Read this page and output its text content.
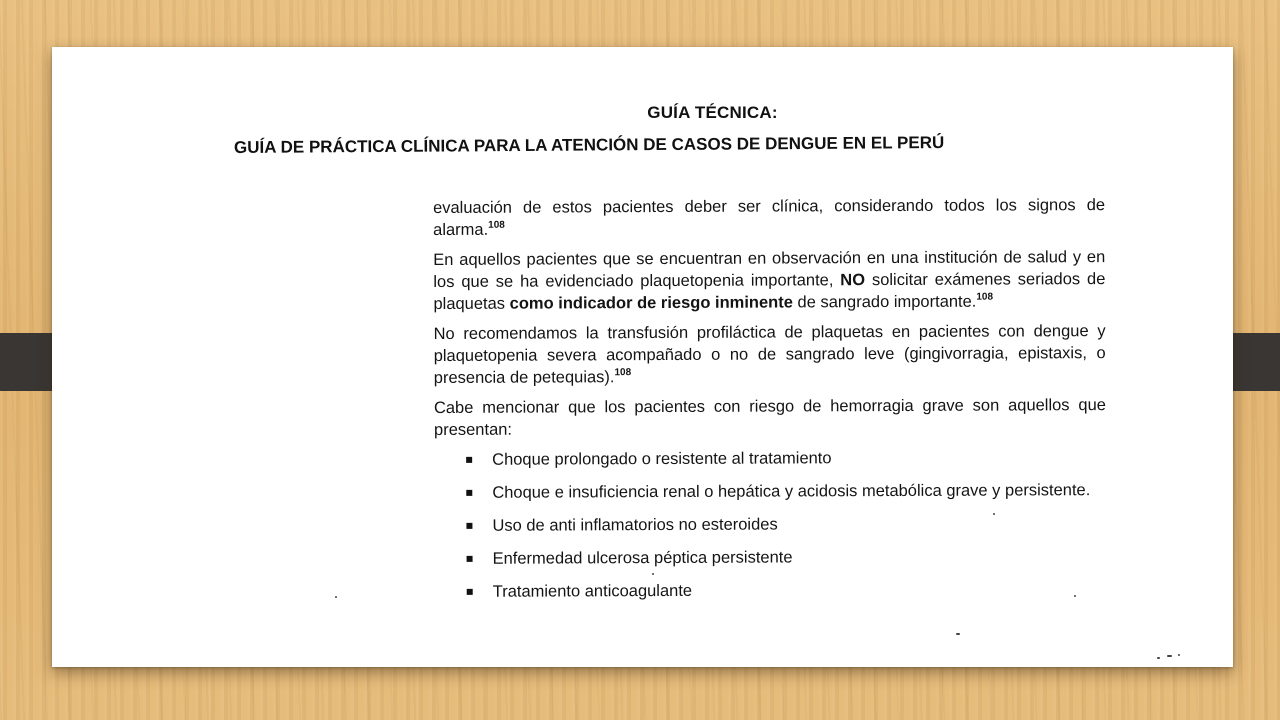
GUÍA TÉCNICA:
GUÍA DE PRÁCTICA CLÍNICA PARA LA ATENCIÓN DE CASOS DE DENGUE EN EL PERÚ

evaluación de estos pacientes deber ser clínica, considerando todos los signos de alarma.$^{108}$

En aquellos pacientes que se encuentran en observación en una institución de salud y en los que se ha evidenciado plaquetopenia importante, NO solicitar exámenes seriados de plaquetas como indicador de riesgo inminente de sangrado importante.$^{108}$

No recomendamos la transfusión profiláctica de plaquetas en pacientes con dengue y plaquetopenia severa acompañado o no de sangrado leve (gingivorragia, epistaxis, o presencia de petequias).$^{108}$

Cabe mencionar que los pacientes con riesgo de hemorragia grave son aquellos que presentan:

Choque prolongado o resistente al tratamiento
Choque e insuficiencia renal o hepática y acidosis metabólica grave y persistente.
Uso de anti inflamatorios no esteroides
Enfermedad ulcerosa péptica persistente
Tratamiento anticoagulante
